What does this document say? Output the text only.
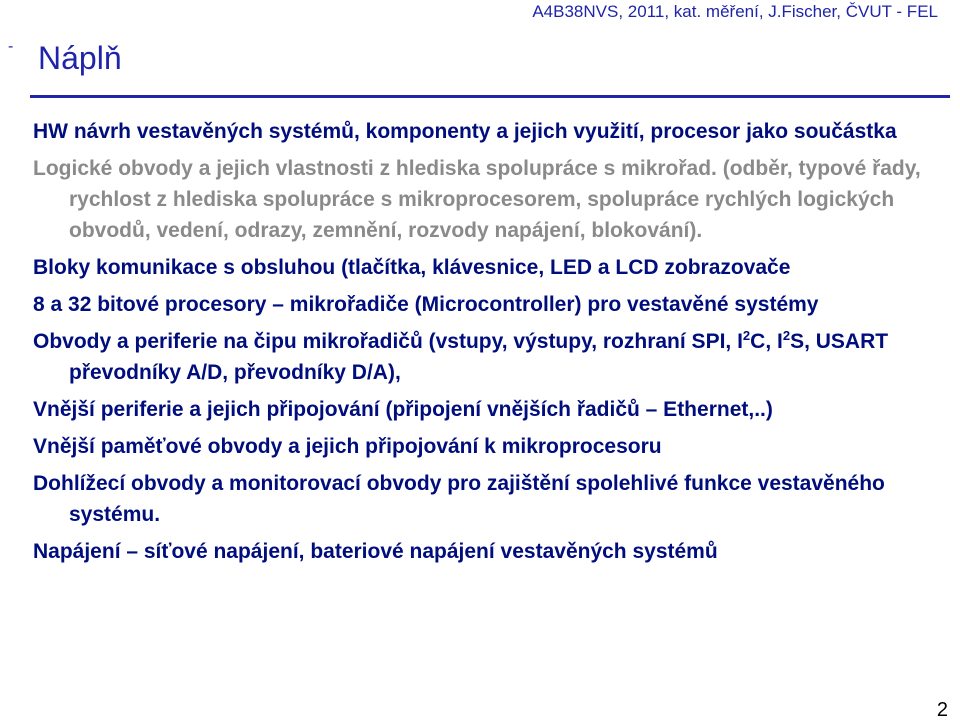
A4B38NVS, 2011, kat. měření, J.Fischer, ČVUT - FEL
- Náplň
HW návrh vestavěných systémů, komponenty a jejich využití, procesor jako součástka
Logické obvody a jejich vlastnosti z hlediska spolupráce s mikrořad. (odběr, typové řady, rychlost z hlediska spolupráce s mikroprocesorem, spolupráce rychlých logických obvodů, vedení, odrazy, zemnění, rozvody napájení, blokování).
Bloky komunikace s obsluhou (tlačítka, klávesnice, LED a LCD zobrazovače
8 a 32 bitové procesory – mikrořadiče (Microcontroller) pro vestavěné systémy
Obvody a periferie na čipu mikrořadičů (vstupy, výstupy, rozhraní SPI, $I^2C$, $I^2S$, USART převodníky A/D, převodníky D/A),
Vnější periferie a jejich připojování (připojení vnějších řadičů – Ethernet,..)
Vnější paměťové obvody a jejich připojování k mikroprocesoru
Dohlížecí obvody a monitorovací obvody pro zajištění spolehlivé funkce vestavěného systému.
Napájení – síťové napájení, bateriové napájení vestavěných systémů
2
